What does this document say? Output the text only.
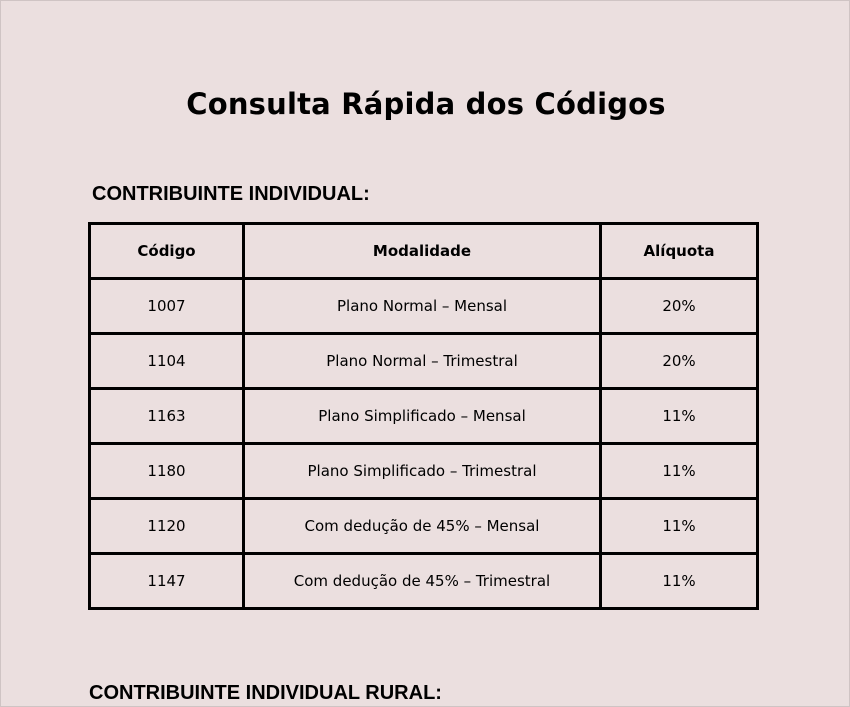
Consulta Rápida dos Códigos
CONTRIBUINTE INDIVIDUAL:
Código	Modalidade	Alíquota
1007	Plano Normal – Mensal	20%
1104	Plano Normal – Trimestral	20%
1163	Plano Simplificado – Mensal	11%
1180	Plano Simplificado – Trimestral	11%
1120	Com dedução de 45% – Mensal	11%
1147	Com dedução de 45% – Trimestral	11%
CONTRIBUINTE INDIVIDUAL RURAL:
